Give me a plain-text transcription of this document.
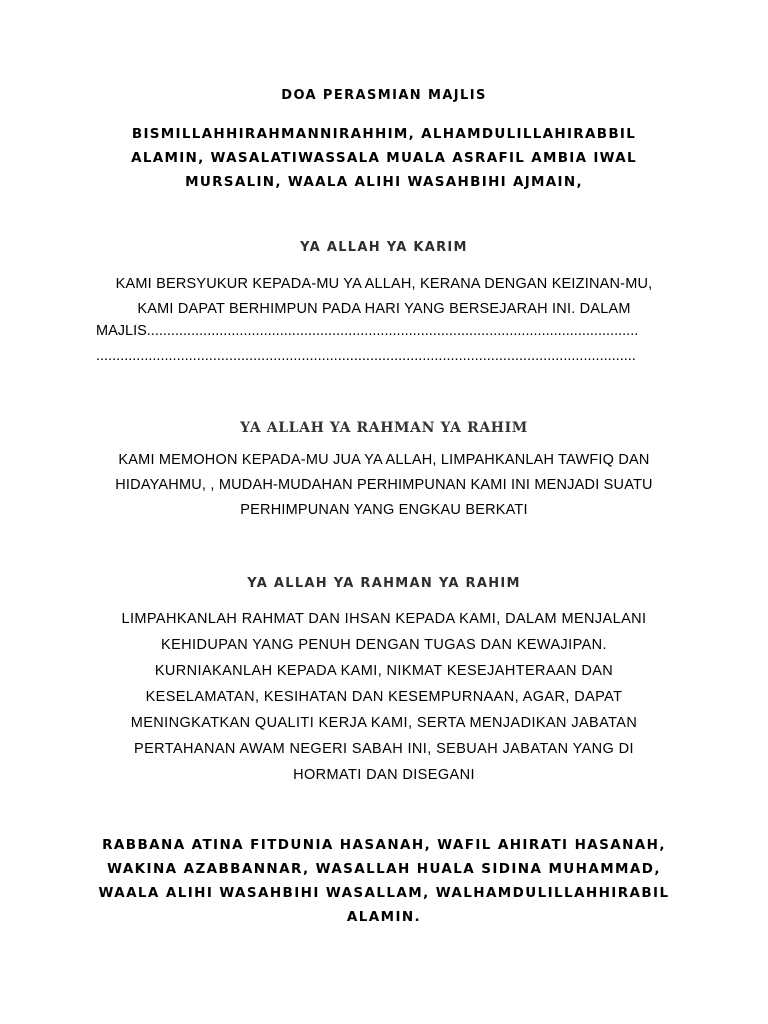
DOA PERASMIAN MAJLIS

BISMILLAHHIRAHMANNIRAHHIM, ALHAMDULILLAHIRABBIL
ALAMIN, WASALATIWASSALA MUALA ASRAFIL AMBIA IWAL
MURSALIN, WAALA ALIHI WASAHBIHI AJMAIN,

YA ALLAH YA KARIM

KAMI BERSYUKUR KEPADA-MU YA ALLAH, KERANA DENGAN KEIZINAN-MU,
KAMI DAPAT BERHIMPUN PADA HARI YANG BERSEJARAH INI. DALAM

MAJLIS..........................................................................................................................
......................................................................................................................................
YA ALLAH YA RAHMAN YA RAHIM

KAMI MEMOHON KEPADA-MU JUA YA ALLAH, LIMPAHKANLAH TAWFIQ DAN
HIDAYAHMU, , MUDAH-MUDAHAN PERHIMPUNAN KAMI INI MENJADI SUATU
PERHIMPUNAN YANG ENGKAU BERKATI

YA ALLAH YA RAHMAN YA RAHIM

LIMPAHKANLAH RAHMAT DAN IHSAN KEPADA KAMI, DALAM MENJALANI
KEHIDUPAN YANG PENUH DENGAN TUGAS DAN KEWAJIPAN.
KURNIAKANLAH KEPADA KAMI, NIKMAT KESEJAHTERAAN DAN
KESELAMATAN, KESIHATAN DAN KESEMPURNAAN, AGAR, DAPAT
MENINGKATKAN QUALITI KERJA KAMI, SERTA MENJADIKAN JABATAN
PERTAHANAN AWAM NEGERI SABAH INI, SEBUAH JABATAN YANG DI
HORMATI DAN DISEGANI

RABBANA ATINA FITDUNIA HASANAH, WAFIL AHIRATI HASANAH,
WAKINA AZABBANNAR, WASALLAH HUALA SIDINA MUHAMMAD,
WAALA ALIHI WASAHBIHI WASALLAM, WALHAMDULILLAHHIRABIL
ALAMIN.
